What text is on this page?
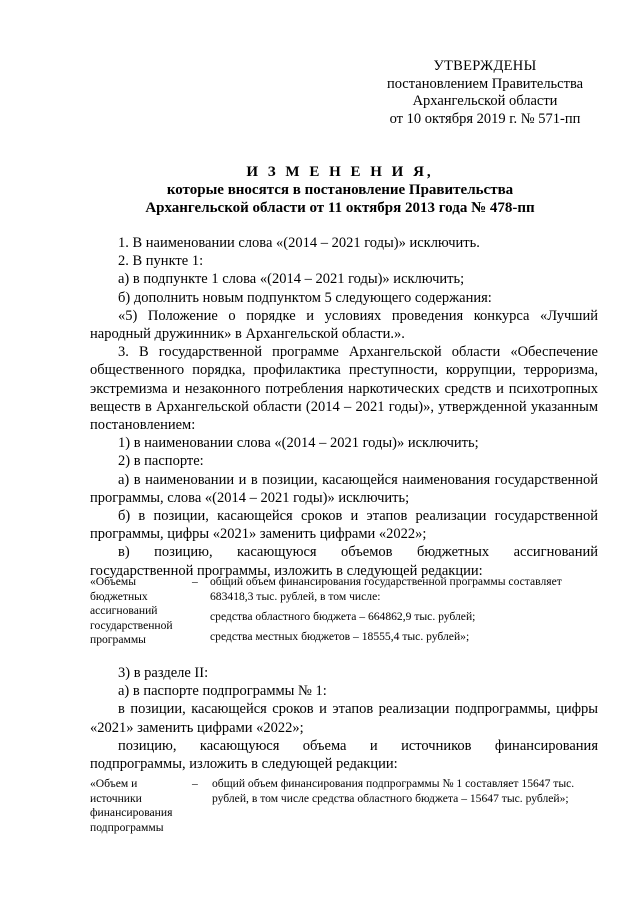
УТВЕРЖДЕНЫ
постановлением Правительства
Архангельской области
от 10 октября 2019 г. № 571-пп
И З М Е Н Е Н И Я,
которые вносятся в постановление Правительства
Архангельской области от 11 октября 2013 года № 478-пп

1. В наименовании слова «(2014 – 2021 годы)» исключить.

2. В пункте 1:

а) в подпункте 1 слова «(2014 – 2021 годы)» исключить;

б) дополнить новым подпунктом 5 следующего содержания:

«5) Положение о порядке и условиях проведения конкурса «Лучший народный дружинник» в Архангельской области.».

3. В государственной программе Архангельской области «Обеспечение общественного порядка, профилактика преступности, коррупции, терроризма, экстремизма и незаконного потребления наркотических средств и психотропных веществ в Архангельской области (2014 – 2021 годы)», утвержденной указанным постановлением:

1) в наименовании слова «(2014 – 2021 годы)» исключить;

2) в паспорте:

а) в наименовании и в позиции, касающейся наименования государственной программы, слова «(2014 – 2021 годы)» исключить;

б) в позиции, касающейся сроков и этапов реализации государственной программы, цифры «2021» заменить цифрами «2022»;

в) позицию, касающуюся объемов бюджетных ассигнований государственной программы, изложить в следующей редакции:

«Объемы бюджетных ассигнований государственной программы
– общий объем финансирования государственной программы составляет 683418,3 тыс. рублей, в том числе:
средства областного бюджета – 664862,9 тыс. рублей;
средства местных бюджетов – 18555,4 тыс. рублей»;

3) в разделе II:

а) в паспорте подпрограммы № 1:

в позиции, касающейся сроков и этапов реализации подпрограммы, цифры «2021» заменить цифрами «2022»;

позицию, касающуюся объема и источников финансирования подпрограммы, изложить в следующей редакции:

«Объем и источники финансирования подпрограммы
– общий объем финансирования подпрограммы № 1 составляет 15647 тыс. рублей, в том числе средства областного бюджета – 15647 тыс. рублей»;
